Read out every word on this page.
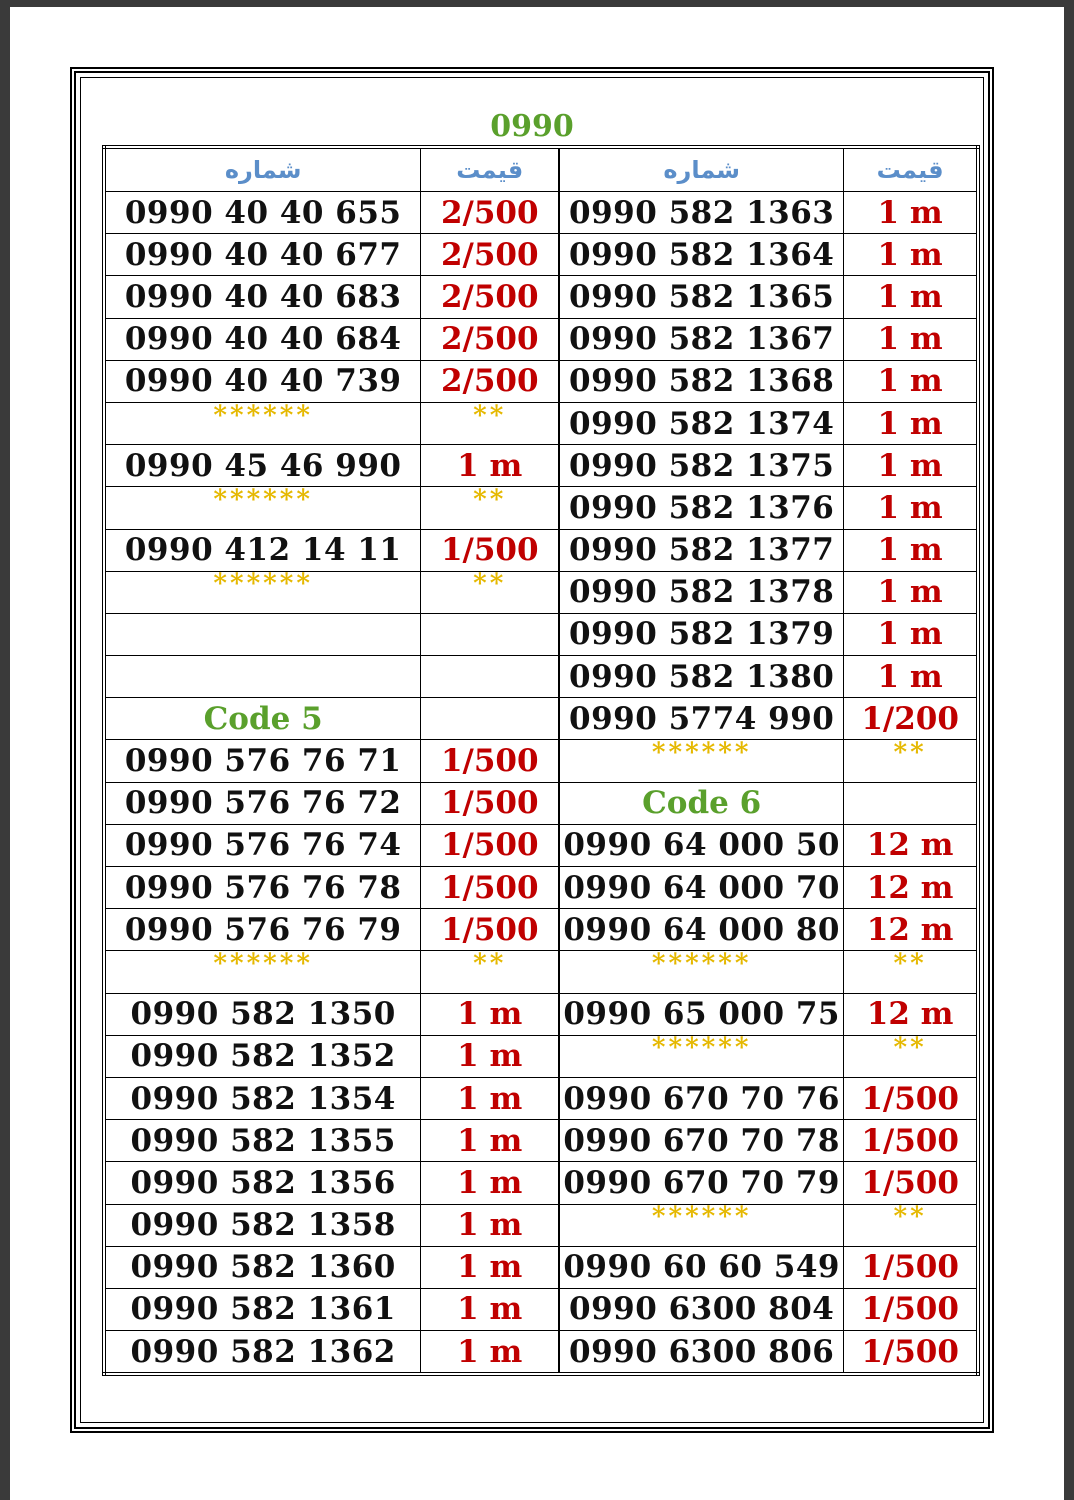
0990
شماره	قیمت	شماره	قیمت
0990 40 40 655	2/500	0990 582 1363	1 m
0990 40 40 677	2/500	0990 582 1364	1 m
0990 40 40 683	2/500	0990 582 1365	1 m
0990 40 40 684	2/500	0990 582 1367	1 m
0990 40 40 739	2/500	0990 582 1368	1 m
******	**	0990 582 1374	1 m
0990 45 46 990	1 m	0990 582 1375	1 m
******	**	0990 582 1376	1 m
0990 412 14 11	1/500	0990 582 1377	1 m
******	**	0990 582 1378	1 m
		0990 582 1379	1 m
		0990 582 1380	1 m
Code 5		0990 5774 990	1/200
0990 576 76 71	1/500	******	**
0990 576 76 72	1/500	Code 6	
0990 576 76 74	1/500	0990 64 000 50	12 m
0990 576 76 78	1/500	0990 64 000 70	12 m
0990 576 76 79	1/500	0990 64 000 80	12 m
******	**	******	**
0990 582 1350	1 m	0990 65 000 75	12 m
0990 582 1352	1 m	******	**
0990 582 1354	1 m	0990 670 70 76	1/500
0990 582 1355	1 m	0990 670 70 78	1/500
0990 582 1356	1 m	0990 670 70 79	1/500
0990 582 1358	1 m	******	**
0990 582 1360	1 m	0990 60 60 549	1/500
0990 582 1361	1 m	0990 6300 804	1/500
0990 582 1362	1 m	0990 6300 806	1/500
